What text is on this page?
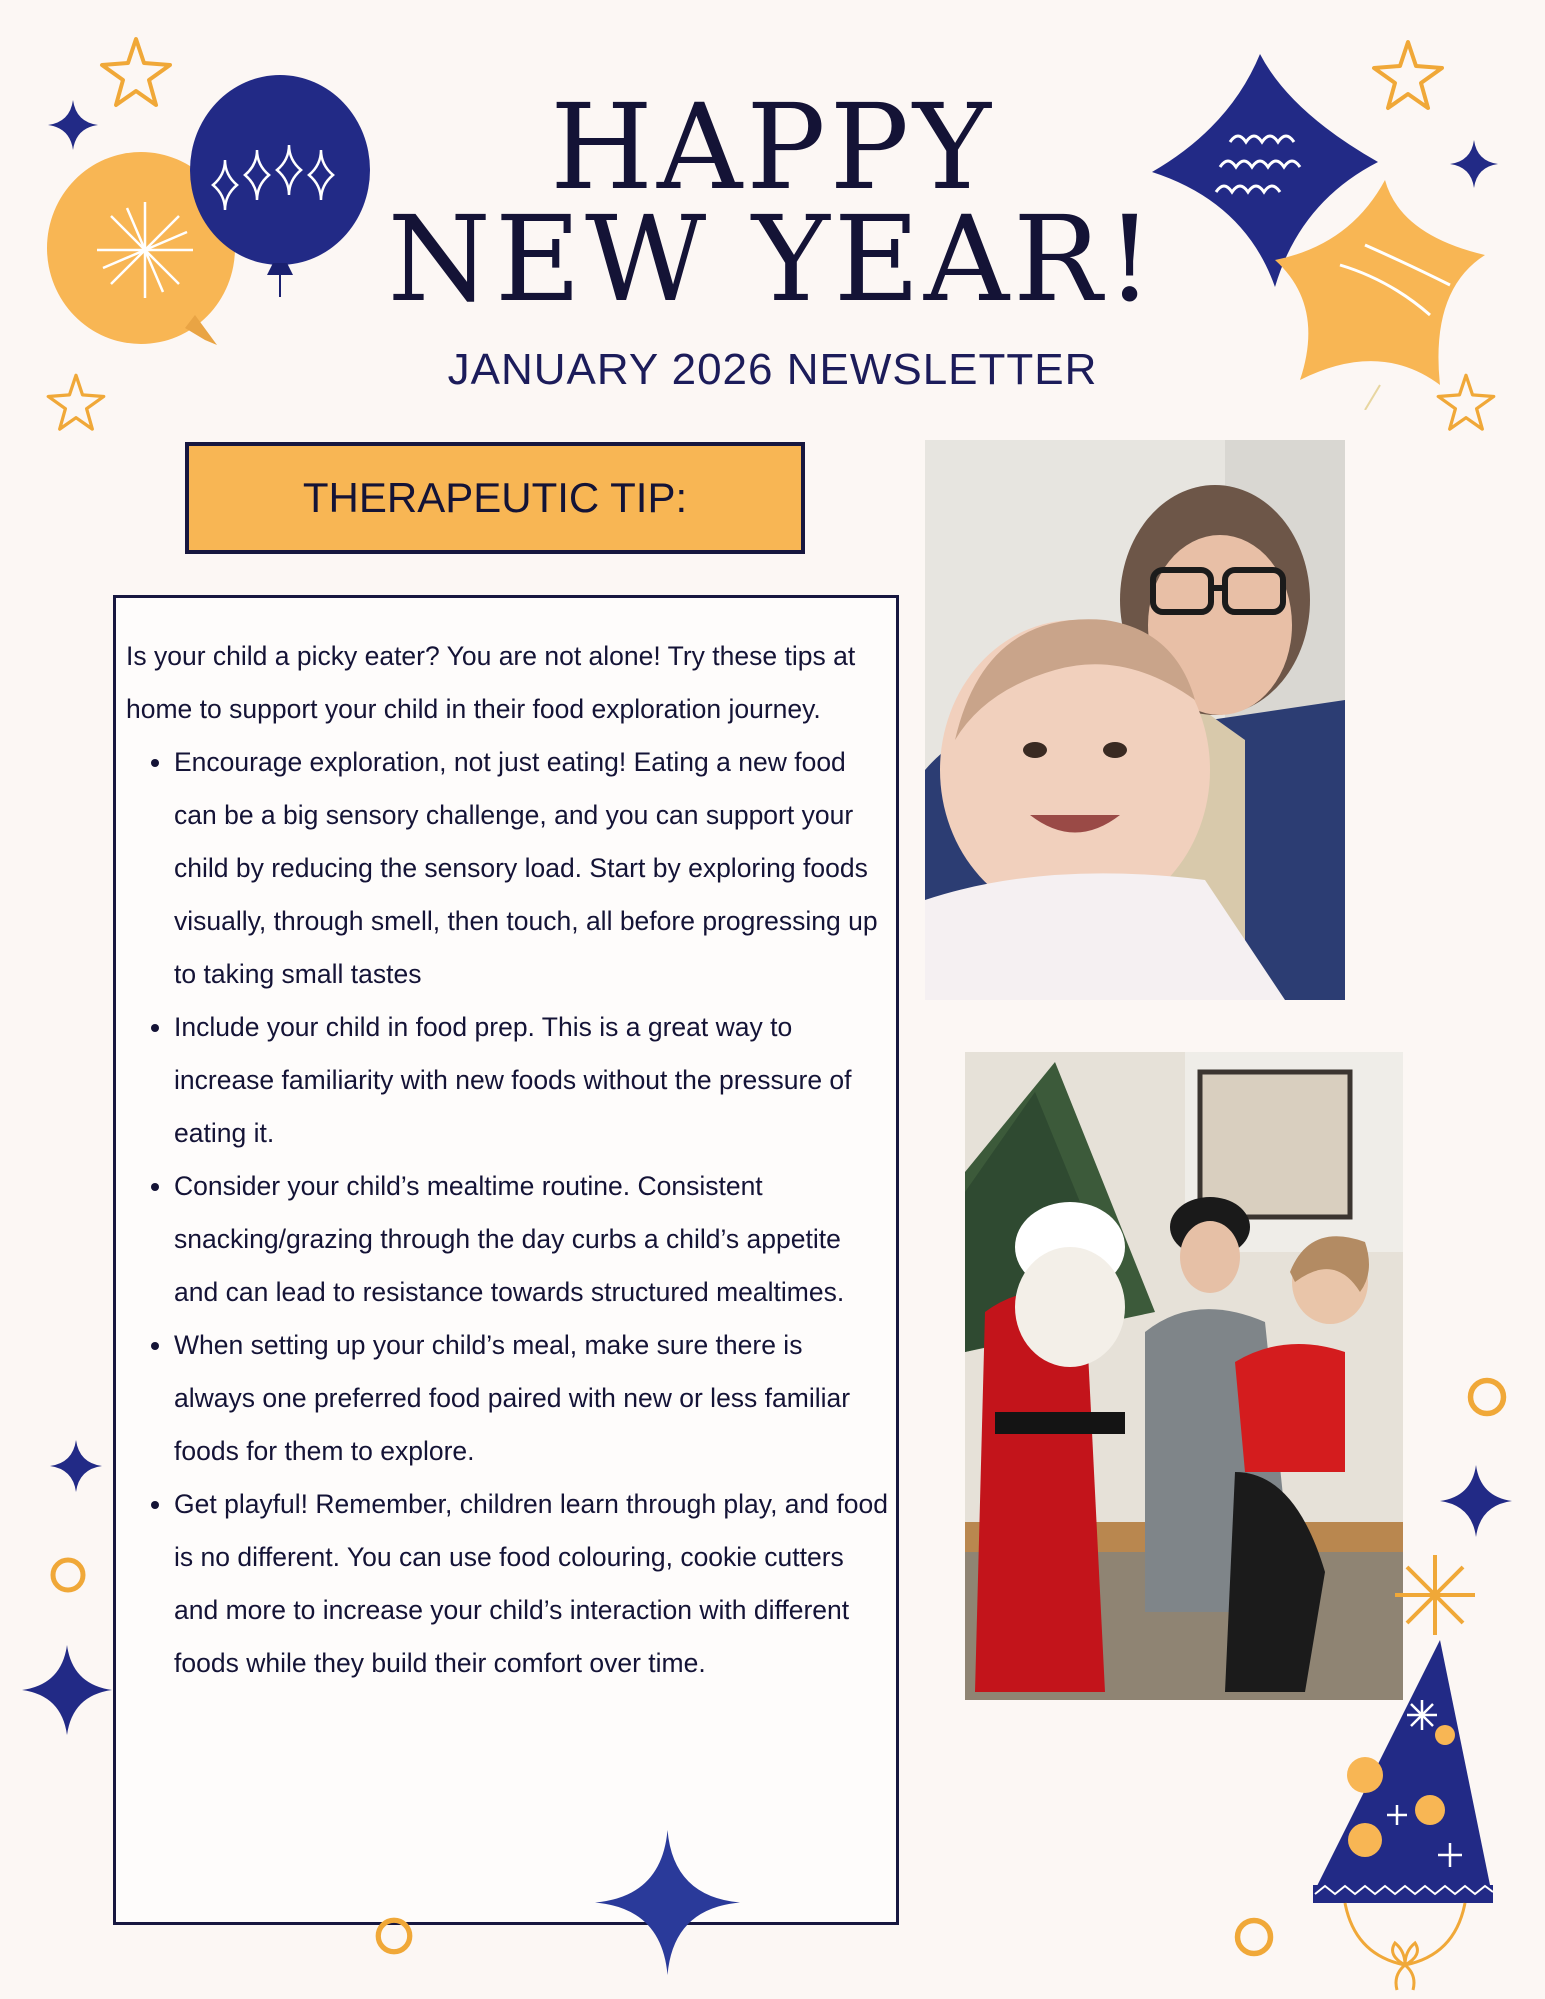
HAPPY
NEW YEAR!
JANUARY 2026 NEWSLETTER
THERAPEUTIC TIP:

Is your child a picky eater? You are not alone! Try these tips at home to support your child in their food exploration journey.

• Encourage exploration, not just eating! Eating a new food can be a big sensory challenge, and you can support your child by reducing the sensory load. Start by exploring foods visually, through smell, then touch, all before progressing up to taking small tastes
• Include your child in food prep. This is a great way to increase familiarity with new foods without the pressure of eating it.
• Consider your child’s mealtime routine. Consistent snacking/grazing through the day curbs a child’s appetite and can lead to resistance towards structured mealtimes.
• When setting up your child’s meal, make sure there is always one preferred food paired with new or less familiar foods for them to explore.
• Get playful! Remember, children learn through play, and food is no different. You can use food colouring, cookie cutters and more to increase your child’s interaction with different foods while they build their comfort over time.
